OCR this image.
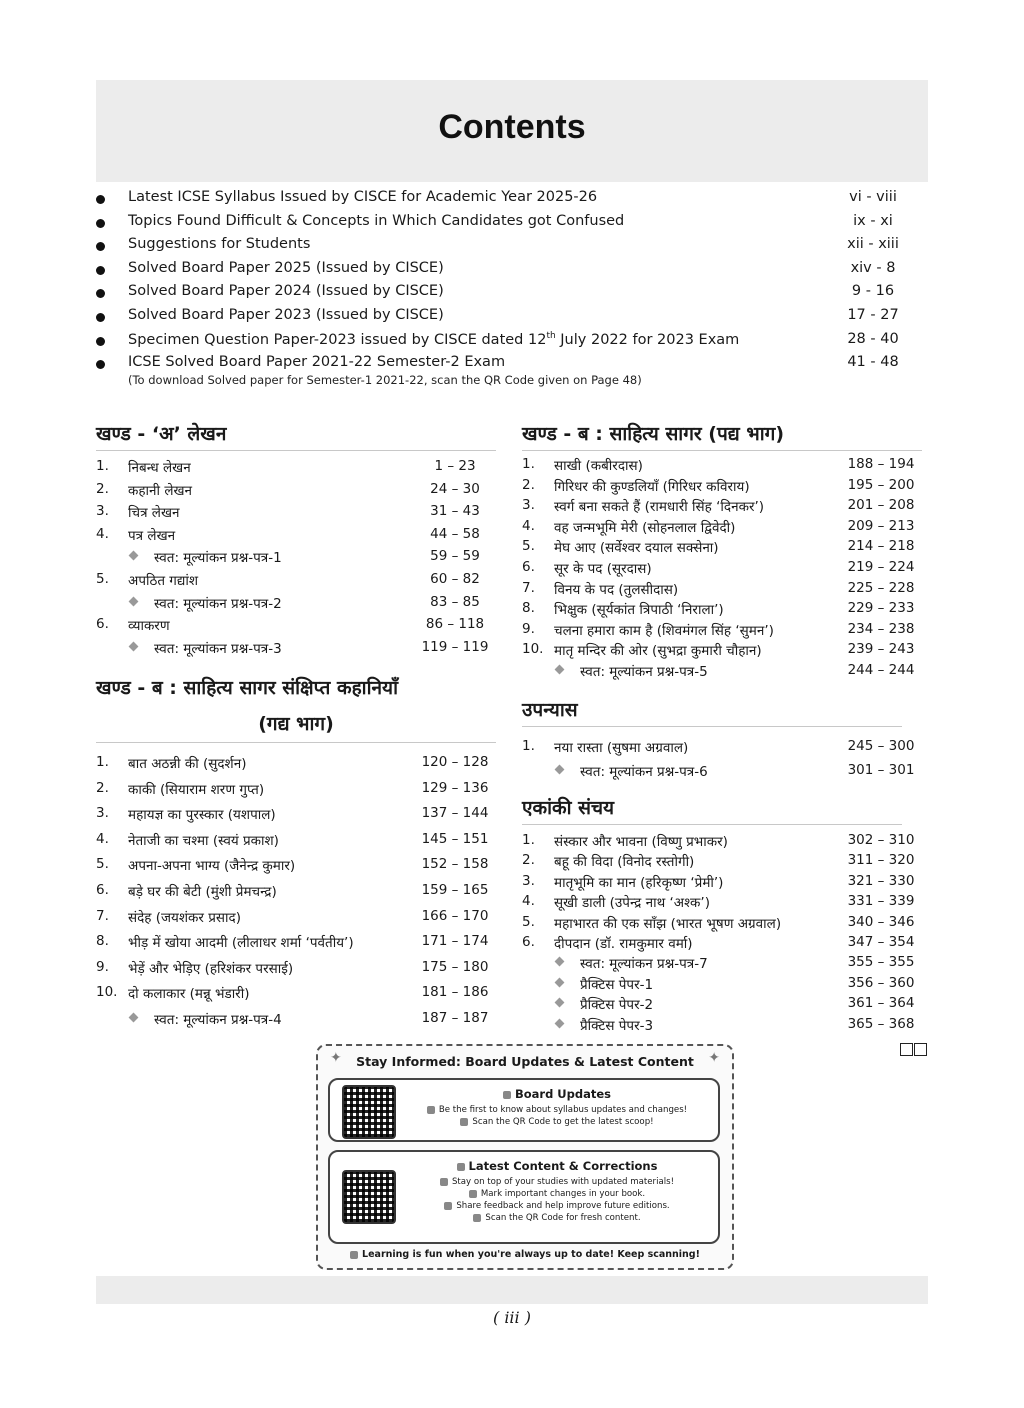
Contents
Latest ICSE Syllabus Issued by CISCE for Academic Year 2025-26	vi - viii
Topics Found Difficult & Concepts in Which Candidates got Confused	ix - xi
Suggestions for Students	xii - xiii
Solved Board Paper 2025 (Issued by CISCE)	xiv - 8
Solved Board Paper 2024 (Issued by CISCE)	9 - 16
Solved Board Paper 2023 (Issued by CISCE)	17 - 27
Specimen Question Paper-2023 issued by CISCE dated 12th July 2022 for 2023 Exam	28 - 40
ICSE Solved Board Paper 2021-22 Semester-2 Exam	41 - 48
(To download Solved paper for Semester-1 2021-22, scan the QR Code given on Page 48)
खण्ड - ‘अ’ लेखन
1.	निबन्ध लेखन	1 – 23
2.	कहानी लेखन	24 – 30
3.	चित्र लेखन	31 – 43
4.	पत्र लेखन	44 – 58
स्वत: मूल्यांकन प्रश्न-पत्र-1	59 – 59
5.	अपठित गद्यांश	60 – 82
स्वत: मूल्यांकन प्रश्न-पत्र-2	83 – 85
6.	व्याकरण	86 – 118
स्वत: मूल्यांकन प्रश्न-पत्र-3	119 – 119
खण्ड - ब : साहित्य सागर संक्षिप्त कहानियाँ
(गद्य भाग)
1.	बात अठन्नी की (सुदर्शन)	120 – 128
2.	काकी (सियाराम शरण गुप्त)	129 – 136
3.	महायज्ञ का पुरस्कार (यशपाल)	137 – 144
4.	नेताजी का चश्मा (स्वयं प्रकाश)	145 – 151
5.	अपना-अपना भाग्य (जैनेन्द्र कुमार)	152 – 158
6.	बड़े घर की बेटी (मुंशी प्रेमचन्द्र)	159 – 165
7.	संदेह (जयशंकर प्रसाद)	166 – 170
8.	भीड़ में खोया आदमी (लीलाधर शर्मा ‘पर्वतीय’)	171 – 174
9.	भेड़ें और भेड़िए (हरिशंकर परसाई)	175 – 180
10. दो कलाकार (मन्नू भंडारी)	181 – 186
स्वत: मूल्यांकन प्रश्न-पत्र-4	187 – 187
खण्ड - ब : साहित्य सागर (पद्य भाग)
1.	साखी (कबीरदास)	188 – 194
2.	गिरिधर की कुण्डलियाँ (गिरिधर कविराय)	195 – 200
3.	स्वर्ग बना सकते हैं (रामधारी सिंह ‘दिनकर’)	201 – 208
4.	वह जन्मभूमि मेरी (सोहनलाल द्विवेदी)	209 – 213
5.	मेघ आए (सर्वेश्वर दयाल सक्सेना)	214 – 218
6.	सूर के पद (सूरदास)	219 – 224
7.	विनय के पद (तुलसीदास)	225 – 228
8.	भिक्षुक (सूर्यकांत त्रिपाठी ‘निराला’)	229 – 233
9.	चलना हमारा काम है (शिवमंगल सिंह ‘सुमन’)	234 – 238
10. मातृ मन्दिर की ओर (सुभद्रा कुमारी चौहान)	239 – 243
स्वत: मूल्यांकन प्रश्न-पत्र-5	244 – 244
उपन्यास
1.	नया रास्ता (सुषमा अग्रवाल)	245 – 300
स्वत: मूल्यांकन प्रश्न-पत्र-6	301 – 301
एकांकी संचय
1.	संस्कार और भावना (विष्णु प्रभाकर)	302 – 310
2.	बहू की विदा (विनोद रस्तोगी)	311 – 320
3.	मातृभूमि का मान (हरिकृष्ण ‘प्रेमी’)	321 – 330
4.	सूखी डाली (उपेन्द्र नाथ ‘अश्क’)	331 – 339
5.	महाभारत की एक साँझ (भारत भूषण अग्रवाल)	340 – 346
6.	दीपदान (डॉ. रामकुमार वर्मा)	347 – 354
स्वत: मूल्यांकन प्रश्न-पत्र-7	355 – 355
प्रैक्टिस पेपर-1	356 – 360
प्रैक्टिस पेपर-2	361 – 364
प्रैक्टिस पेपर-3	365 – 368
✦	✦
Stay Informed: Board Updates & Latest Content
Board Updates
Be the first to know about syllabus updates and changes!
Scan the QR Code to get the latest scoop!
Latest Content & Corrections
Stay on top of your studies with updated materials!
Mark important changes in your book.
Share feedback and help improve future editions.
Scan the QR Code for fresh content.
Learning is fun when you're always up to date! Keep scanning!
( iii )
